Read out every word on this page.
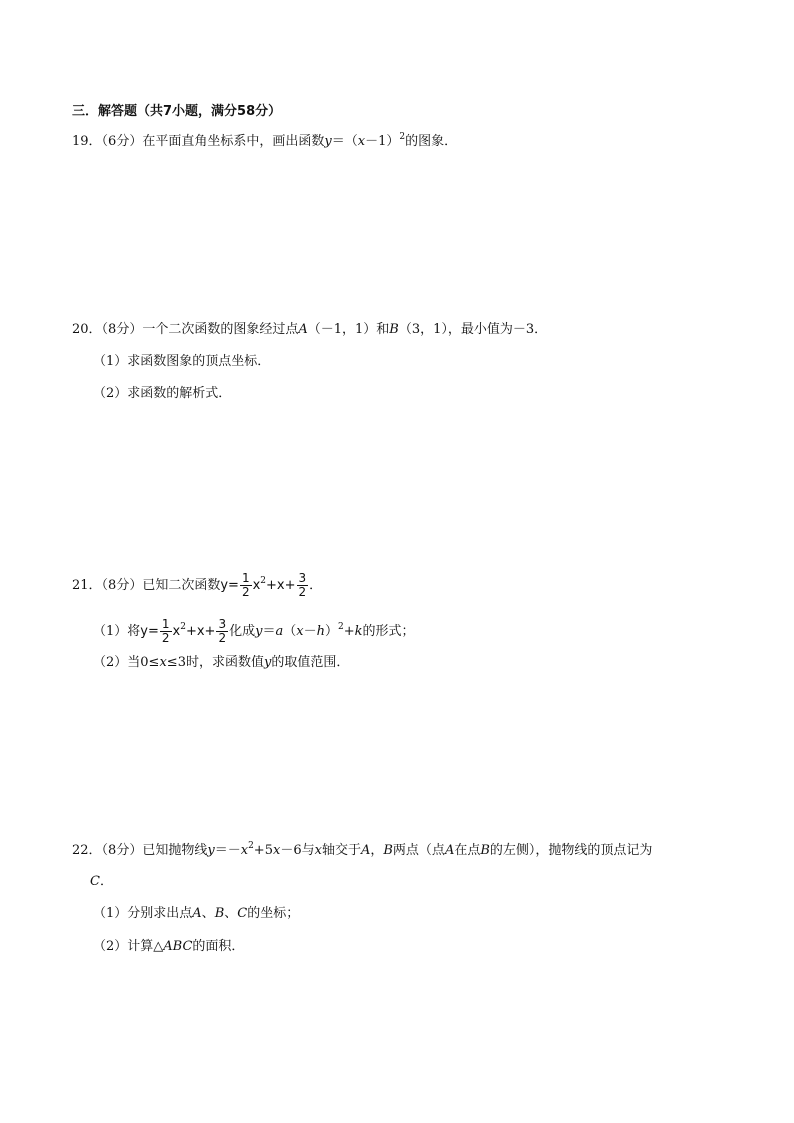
三．解答题（共7小题，满分58分）
19．（6分）在平面直角坐标系中，画出函数$y=(x-1)^2$的图象．
20．（8分）一个二次函数的图象经过点A（－1，1）和B（3，1），最小值为－3．
（1）求函数图象的顶点坐标．
（2）求函数的解析式．
21．（8分）已知二次函数$y= \frac{1}{2} x^2+x+ \frac{3}{2}$ ．
（1）将$y= \frac{1}{2} x^2+x+ \frac{3}{2}$ 化成$y=a(x-h)^2+k$的形式；
（2）当0≤x≤3时，求函数值y的取值范围．
22．（8分）已知抛物线$y=-x^2+5x-6$与x轴交于A，B两点（点A在点B的左侧），抛物线的顶点记为
C．
（1）分别求出点A、B、C的坐标；
（2）计算△ABC的面积．
